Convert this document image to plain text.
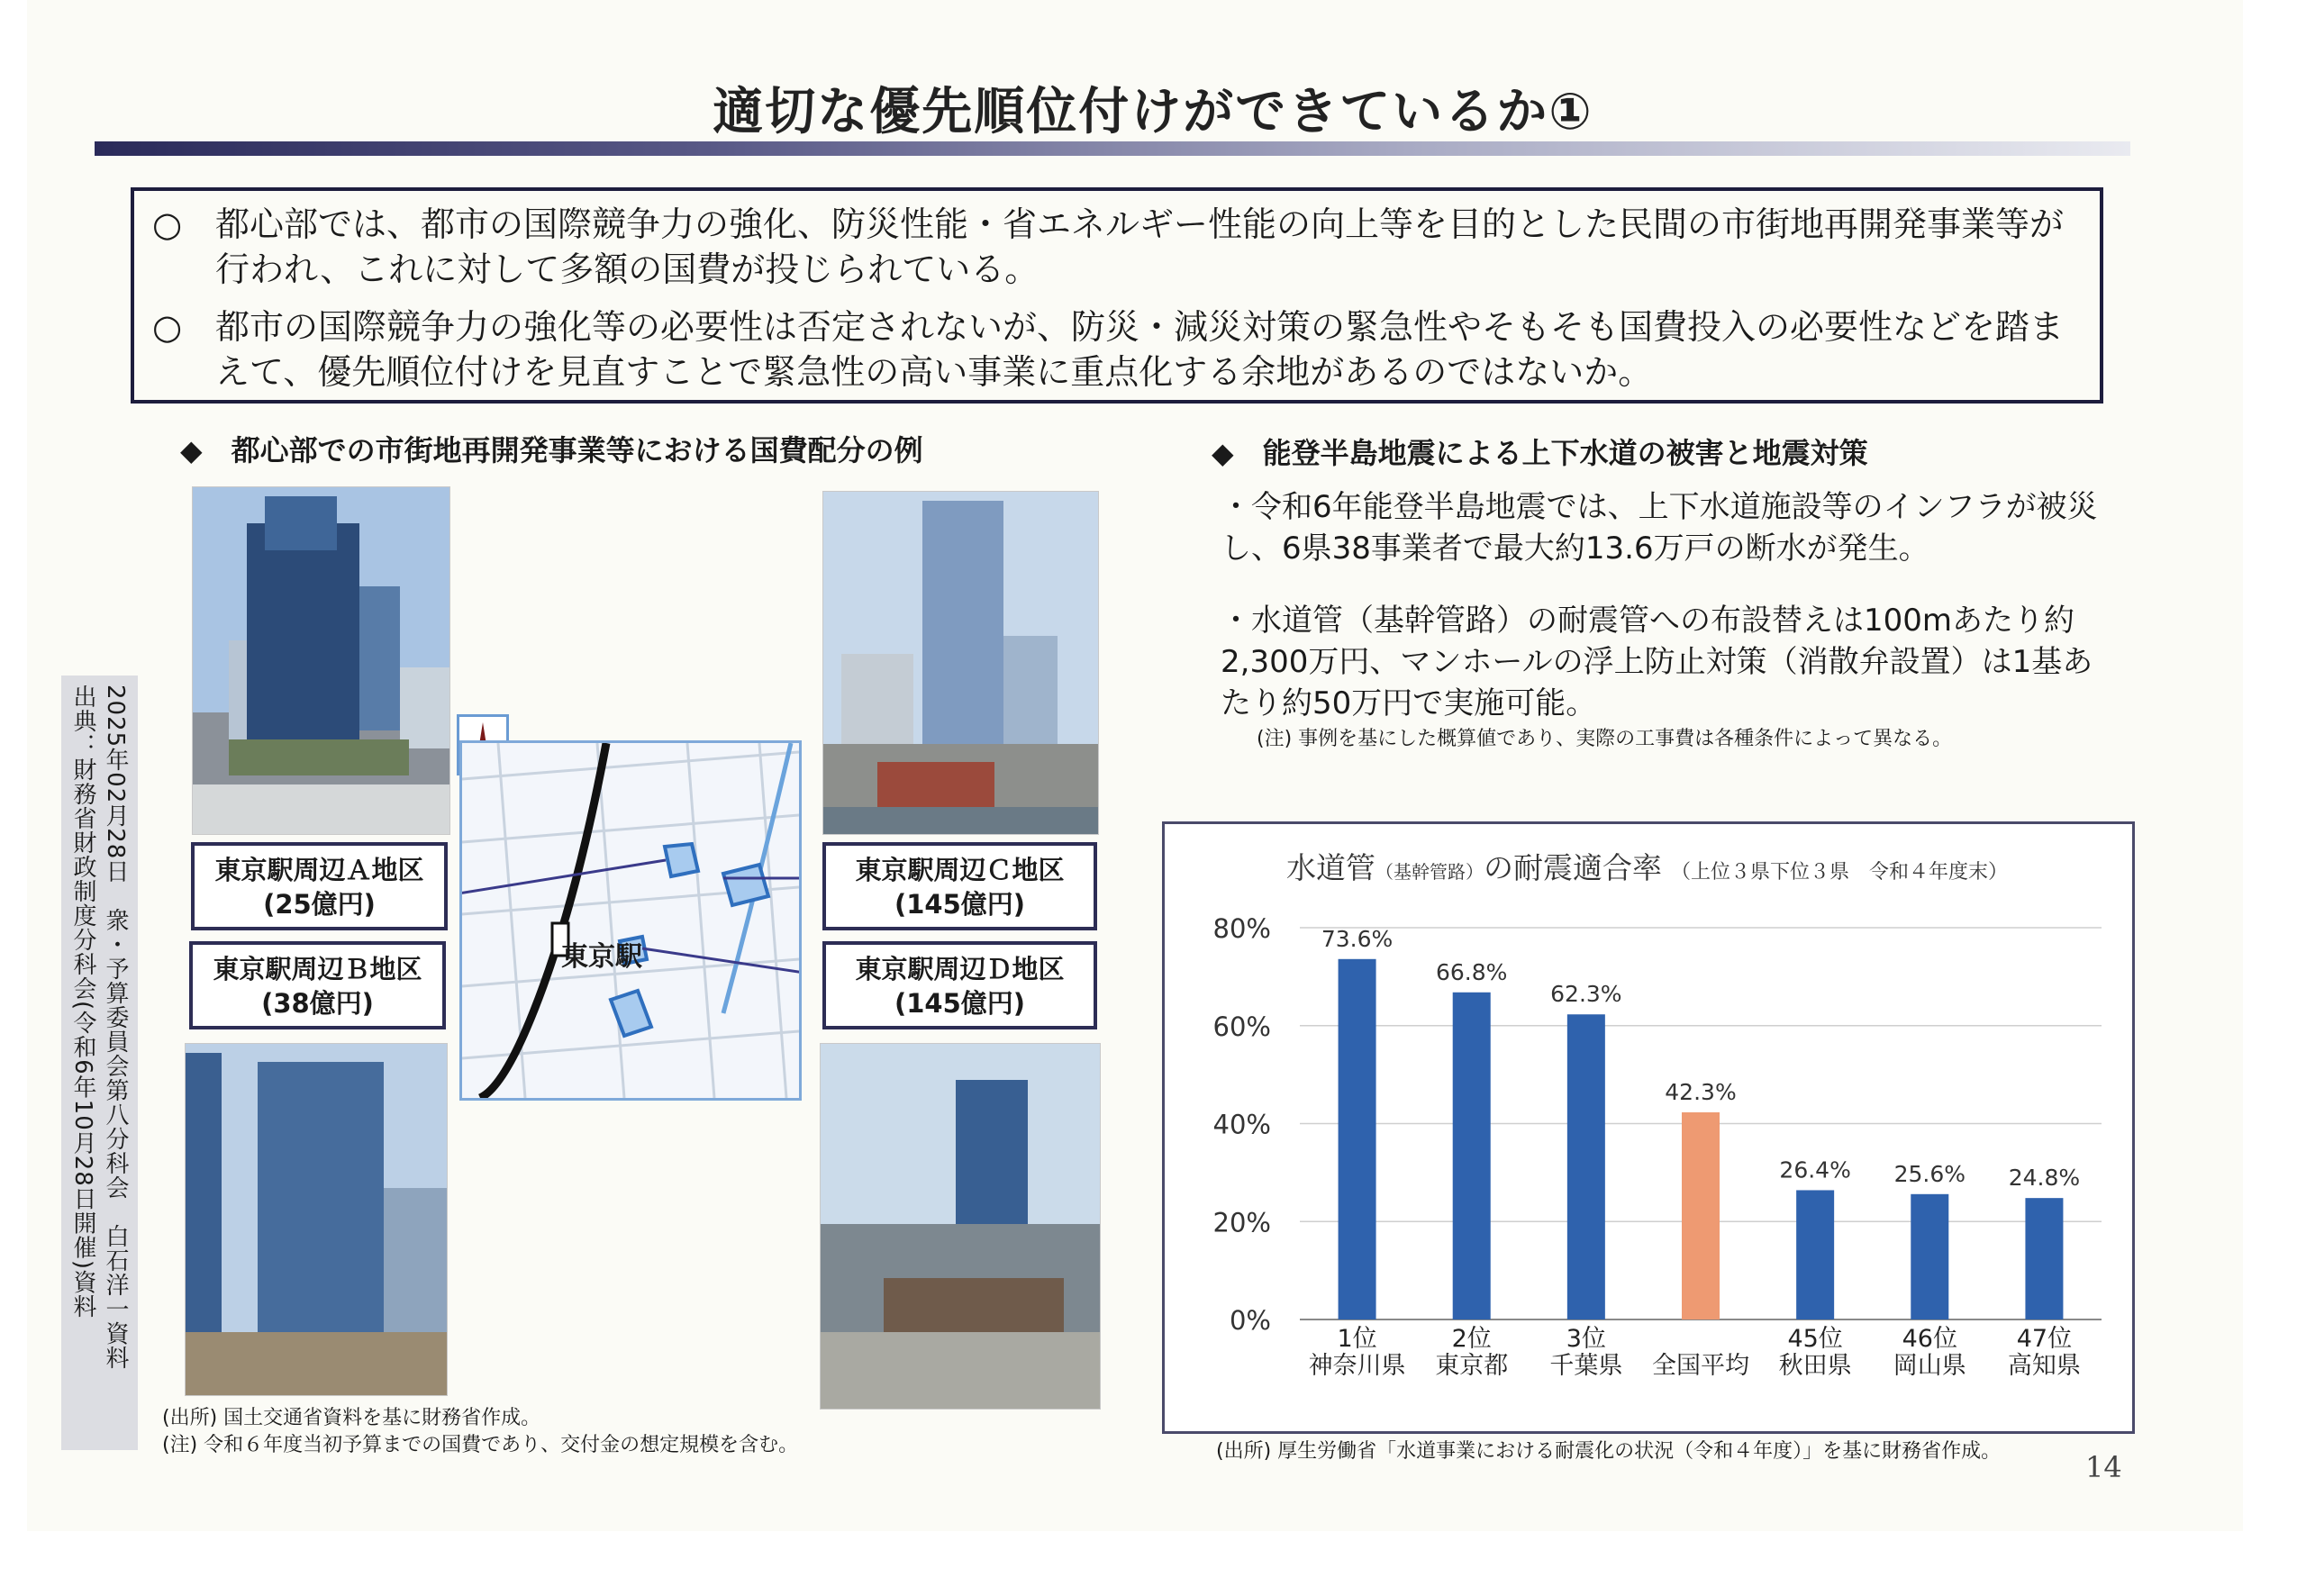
適切な優先順位付けができているか①
○ 都心部では、都市の国際競争力の強化、防災性能・省エネルギー性能の向上等を目的とした民間の市街地再開発事業等が行われ、これに対して多額の国費が投じられている。
○ 都市の国際競争力の強化等の必要性は否定されないが、防災・減災対策の緊急性やそもそも国費投入の必要性などを踏まえて、優先順位付けを見直すことで緊急性の高い事業に重点化する余地があるのではないか。
◆　都心部での市街地再開発事業等における国費配分の例
東京駅
東京駅周辺Ａ地区
(25億円)
東京駅周辺Ｂ地区
(38億円)
東京駅周辺Ｃ地区
(145億円)
東京駅周辺Ｄ地区
(145億円)
(出所) 国土交通省資料を基に財務省作成。
(注) 令和６年度当初予算までの国費であり、交付金の想定規模を含む。
◆　能登半島地震による上下水道の被害と地震対策
・令和6年能登半島地震では、上下水道施設等のインフラが被災し、6県38事業者で最大約13.6万戸の断水が発生。
・水道管（基幹管路）の耐震管への布設替えは100mあたり約2,300万円、マンホールの浮上防止対策（消散弁設置）は1基あたり約50万円で実施可能。
(注) 事例を基にした概算値であり、実際の工事費は各種条件によって異なる。
水道管（基幹管路）の耐震適合率 （上位３県下位３県　令和４年度末）
0%
20%
40%
60%
80% 73.6%
1位
神奈川県
66.8%
2位
東京都
62.3%
3位
千葉県
42.3%
全国平均
26.4%
45位
秋田県
25.6%
46位
岡山県
24.8%
47位
高知県
(出所) 厚生労働省「水道事業における耐震化の状況（令和４年度）」を基に財務省作成。	14
2025年02月28日　衆・予算委員会第八分科会　白石洋一資料
出典：財務省財政制度分科会(令和6年10月28日開催)資料
